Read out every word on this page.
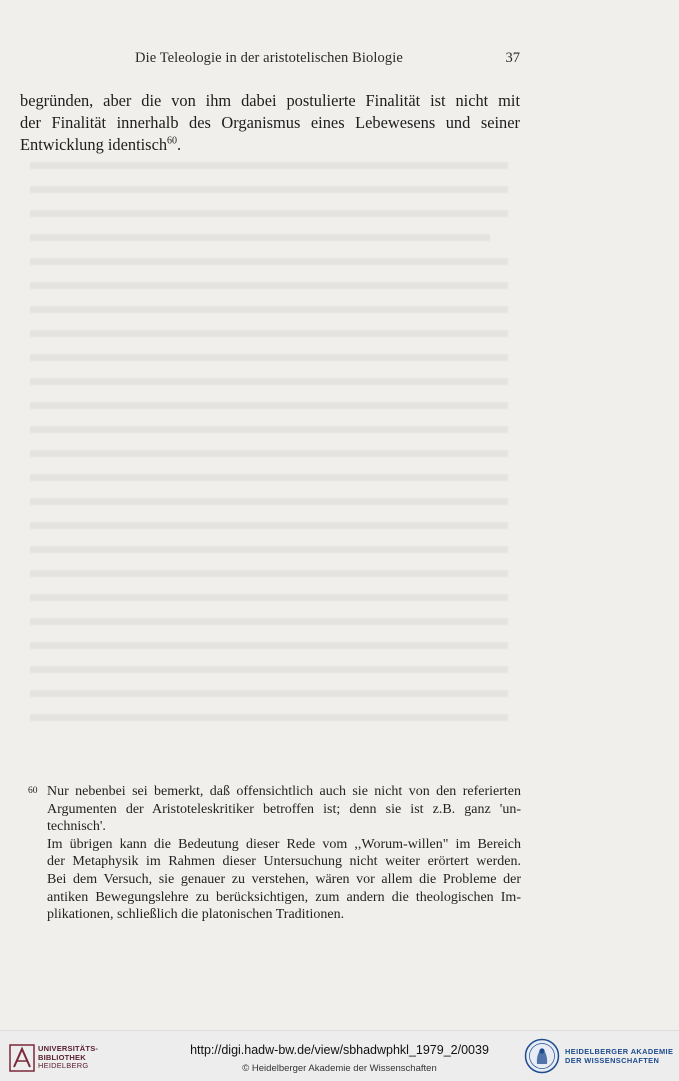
Die Teleologie in der aristotelischen Biologie	37
begründen, aber die von ihm dabei postulierte Finalität ist nicht mit
der Finalität innerhalb des Organismus eines Lebewesens und seiner
Entwicklung identisch$^{60}$.
60 Nur nebenbei sei bemerkt, daß offensichtlich auch sie nicht von den referierten
Argumenten der Aristoteleskritiker betroffen ist; denn sie ist z.B. ganz 'un-
technisch'.
Im übrigen kann die Bedeutung dieser Rede vom ,,Worum-willen" im Bereich
der Metaphysik im Rahmen dieser Untersuchung nicht weiter erörtert werden.
Bei dem Versuch, sie genauer zu verstehen, wären vor allem die Probleme der
antiken Bewegungslehre zu berücksichtigen, zum andern die theologischen Im-
plikationen, schließlich die platonischen Traditionen.
UNIVERSITÄTS-
BIBLIOTHEK
HEIDELBERG
http://digi.hadw-bw.de/view/sbhadwphkl_1979_2/0039
© Heidelberger Akademie der Wissenschaften
HEIDELBERGER AKADEMIE
DER WISSENSCHAFTEN
